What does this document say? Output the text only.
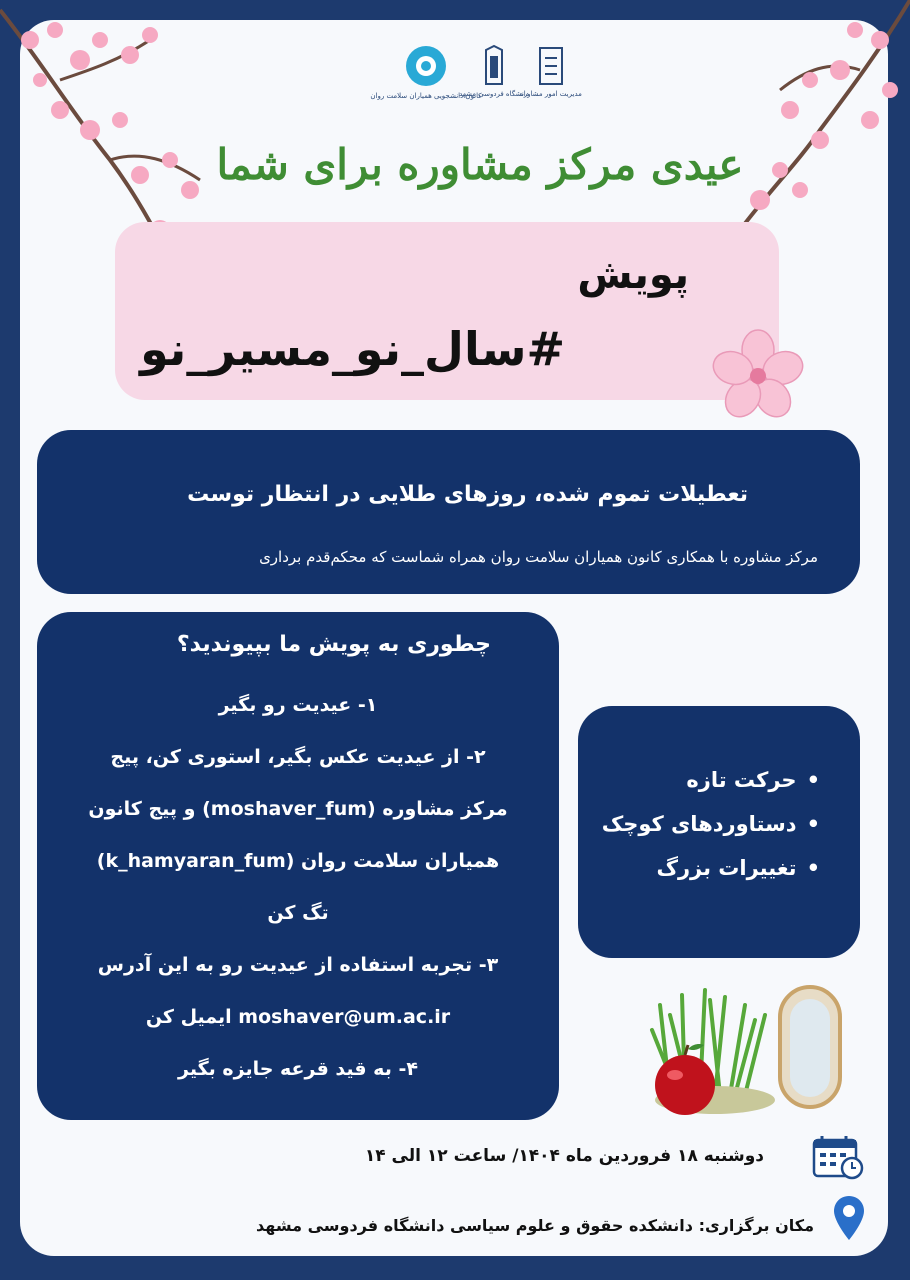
مدیریت امور مشاوره
دانشگاه فردوسی مشهد
کانون دانشجویی همیاران سلامت روان
عیدی مرکز مشاوره برای شما
پویش
#سال_نو_مسیر_نو
تعطیلات تموم شده، روزهای طلایی در انتظار توست
مرکز مشاوره با همکاری کانون همیاران سلامت روان همراه شماست که محکم‌قدم برداری
چطوری به پویش ما بپیوندید؟
۱- عیدیت رو بگیر
۲- از عیدیت عکس بگیر، استوری کن، پیج
مرکز مشاوره (moshaver_fum) و پیج کانون
همیاران سلامت روان (k_hamyaran_fum)
تگ کن
۳- تجربه استفاده از عیدیت رو به این آدرس
moshaver@um.ac.ir ایمیل کن
۴- به قید قرعه جایزه بگیر
• حرکت تازه
• دستاوردهای کوچک
• تغییرات بزرگ
دوشنبه ۱۸ فروردین ماه ۱۴۰۴/ ساعت ۱۲ الی ۱۴
مکان برگزاری: دانشکده حقوق و علوم سیاسی دانشگاه فردوسی مشهد
